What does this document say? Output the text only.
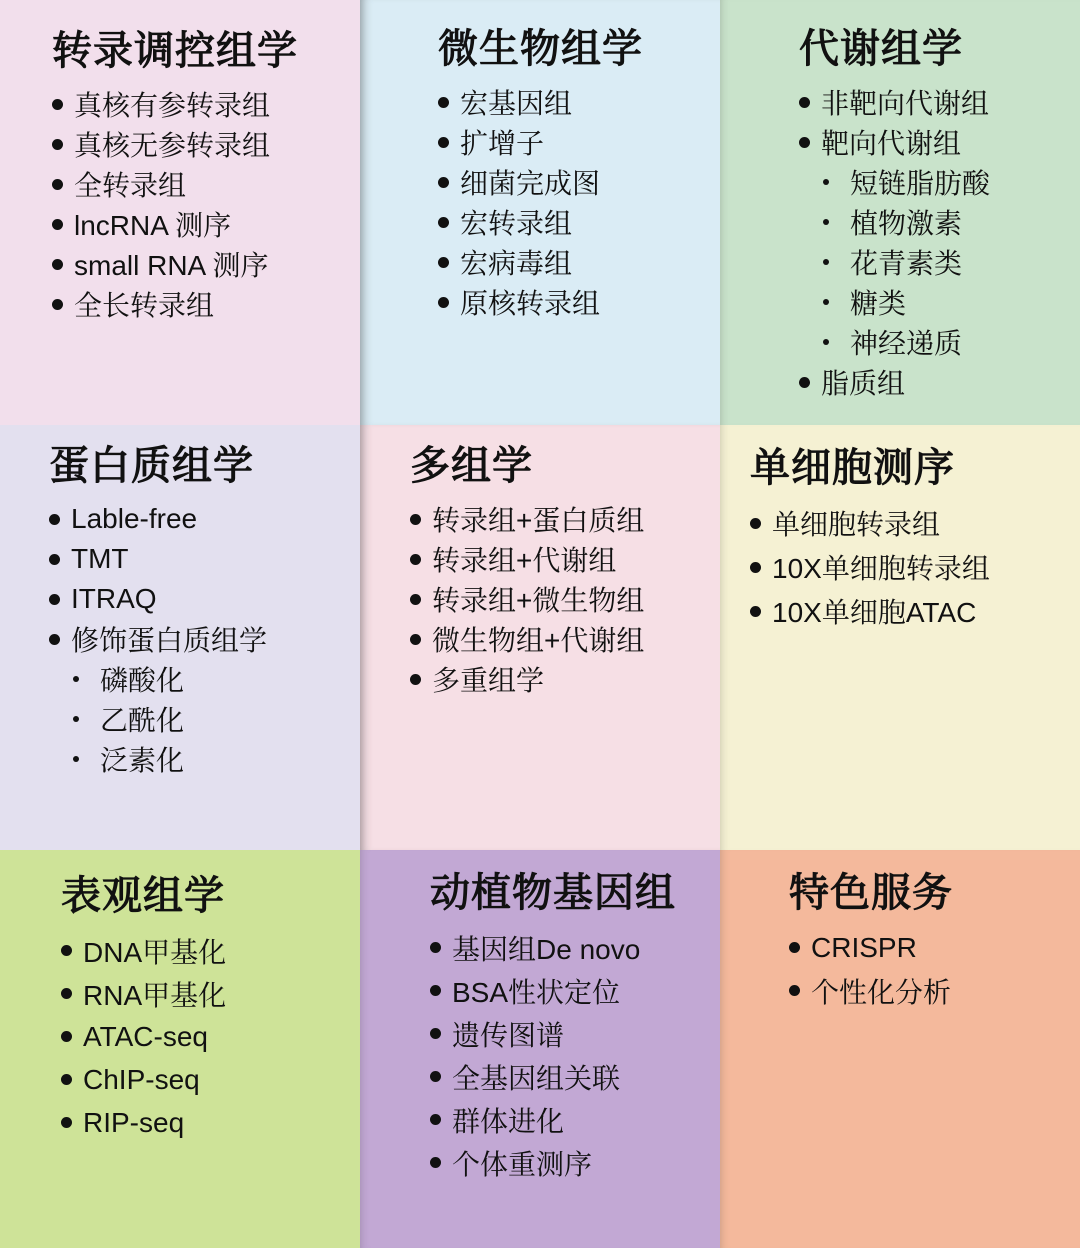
转录调控组学
真核有参转录组
真核无参转录组
全转录组
lncRNA 测序
small RNA 测序
全长转录组
微生物组学
宏基因组
扩增子
细菌完成图
宏转录组
宏病毒组
原核转录组
代谢组学
非靶向代谢组
靶向代谢组
短链脂肪酸
植物激素
花青素类
糖类
神经递质
脂质组
蛋白质组学
Lable-free
TMT
ITRAQ
修饰蛋白质组学
磷酸化
乙酰化
泛素化
多组学
转录组+蛋白质组
转录组+代谢组
转录组+微生物组
微生物组+代谢组
多重组学
单细胞测序
单细胞转录组
10X单细胞转录组
10X单细胞ATAC
表观组学
DNA甲基化
RNA甲基化
ATAC-seq
ChIP-seq
RIP-seq
动植物基因组
基因组De novo
BSA性状定位
遗传图谱
全基因组关联
群体进化
个体重测序
特色服务
CRISPR
个性化分析
